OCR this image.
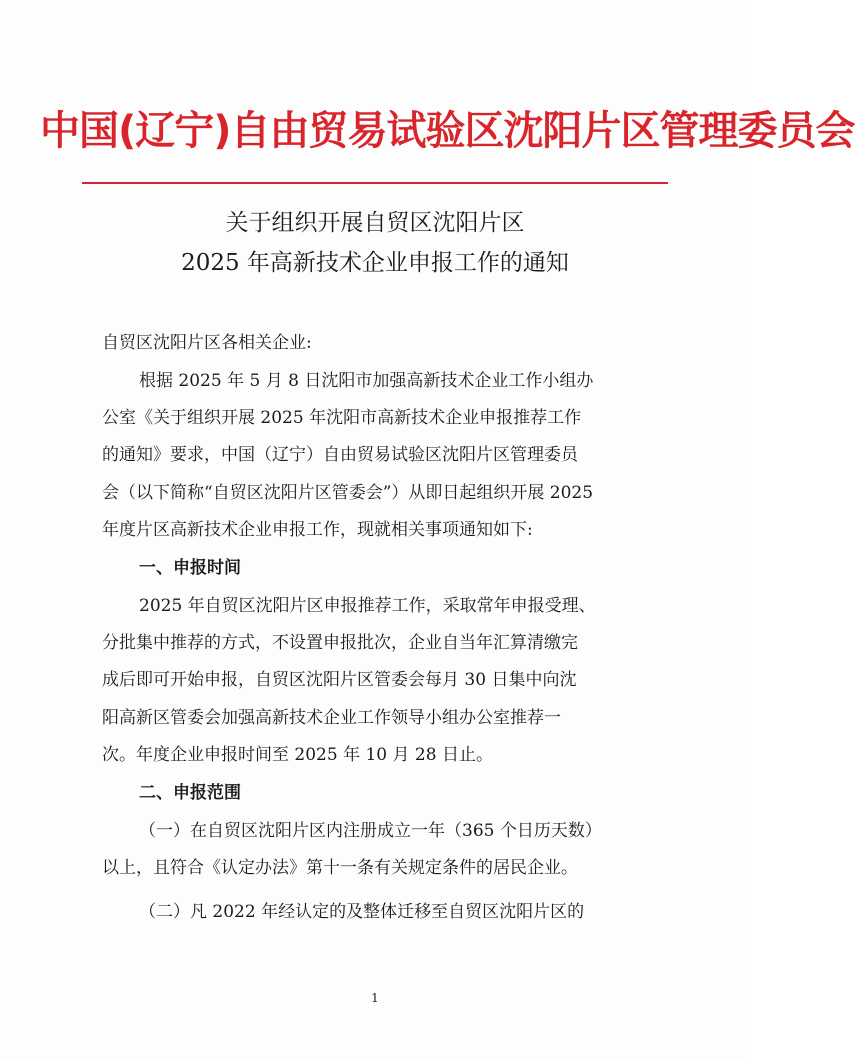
中国(辽宁)自由贸易试验区沈阳片区管理委员会
关于组织开展自贸区沈阳片区
2025 年高新技术企业申报工作的通知
自贸区沈阳片区各相关企业:
根据 2025 年 5 月 8 日沈阳市加强高新技术企业工作小组办
公室《关于组织开展 2025 年沈阳市高新技术企业申报推荐工作
的通知》要求，中国（辽宁）自由贸易试验区沈阳片区管理委员
会（以下简称“自贸区沈阳片区管委会”）从即日起组织开展 2025
年度片区高新技术企业申报工作，现就相关事项通知如下:
一、申报时间
2025 年自贸区沈阳片区申报推荐工作，采取常年申报受理、
分批集中推荐的方式，不设置申报批次，企业自当年汇算清缴完
成后即可开始申报，自贸区沈阳片区管委会每月 30 日集中向沈
阳高新区管委会加强高新技术企业工作领导小组办公室推荐一
次。年度企业申报时间至 2025 年 10 月 28 日止。
二、申报范围
（一）在自贸区沈阳片区内注册成立一年（365 个日历天数）
以上，且符合《认定办法》第十一条有关规定条件的居民企业。
（二）凡 2022 年经认定的及整体迁移至自贸区沈阳片区的
1
